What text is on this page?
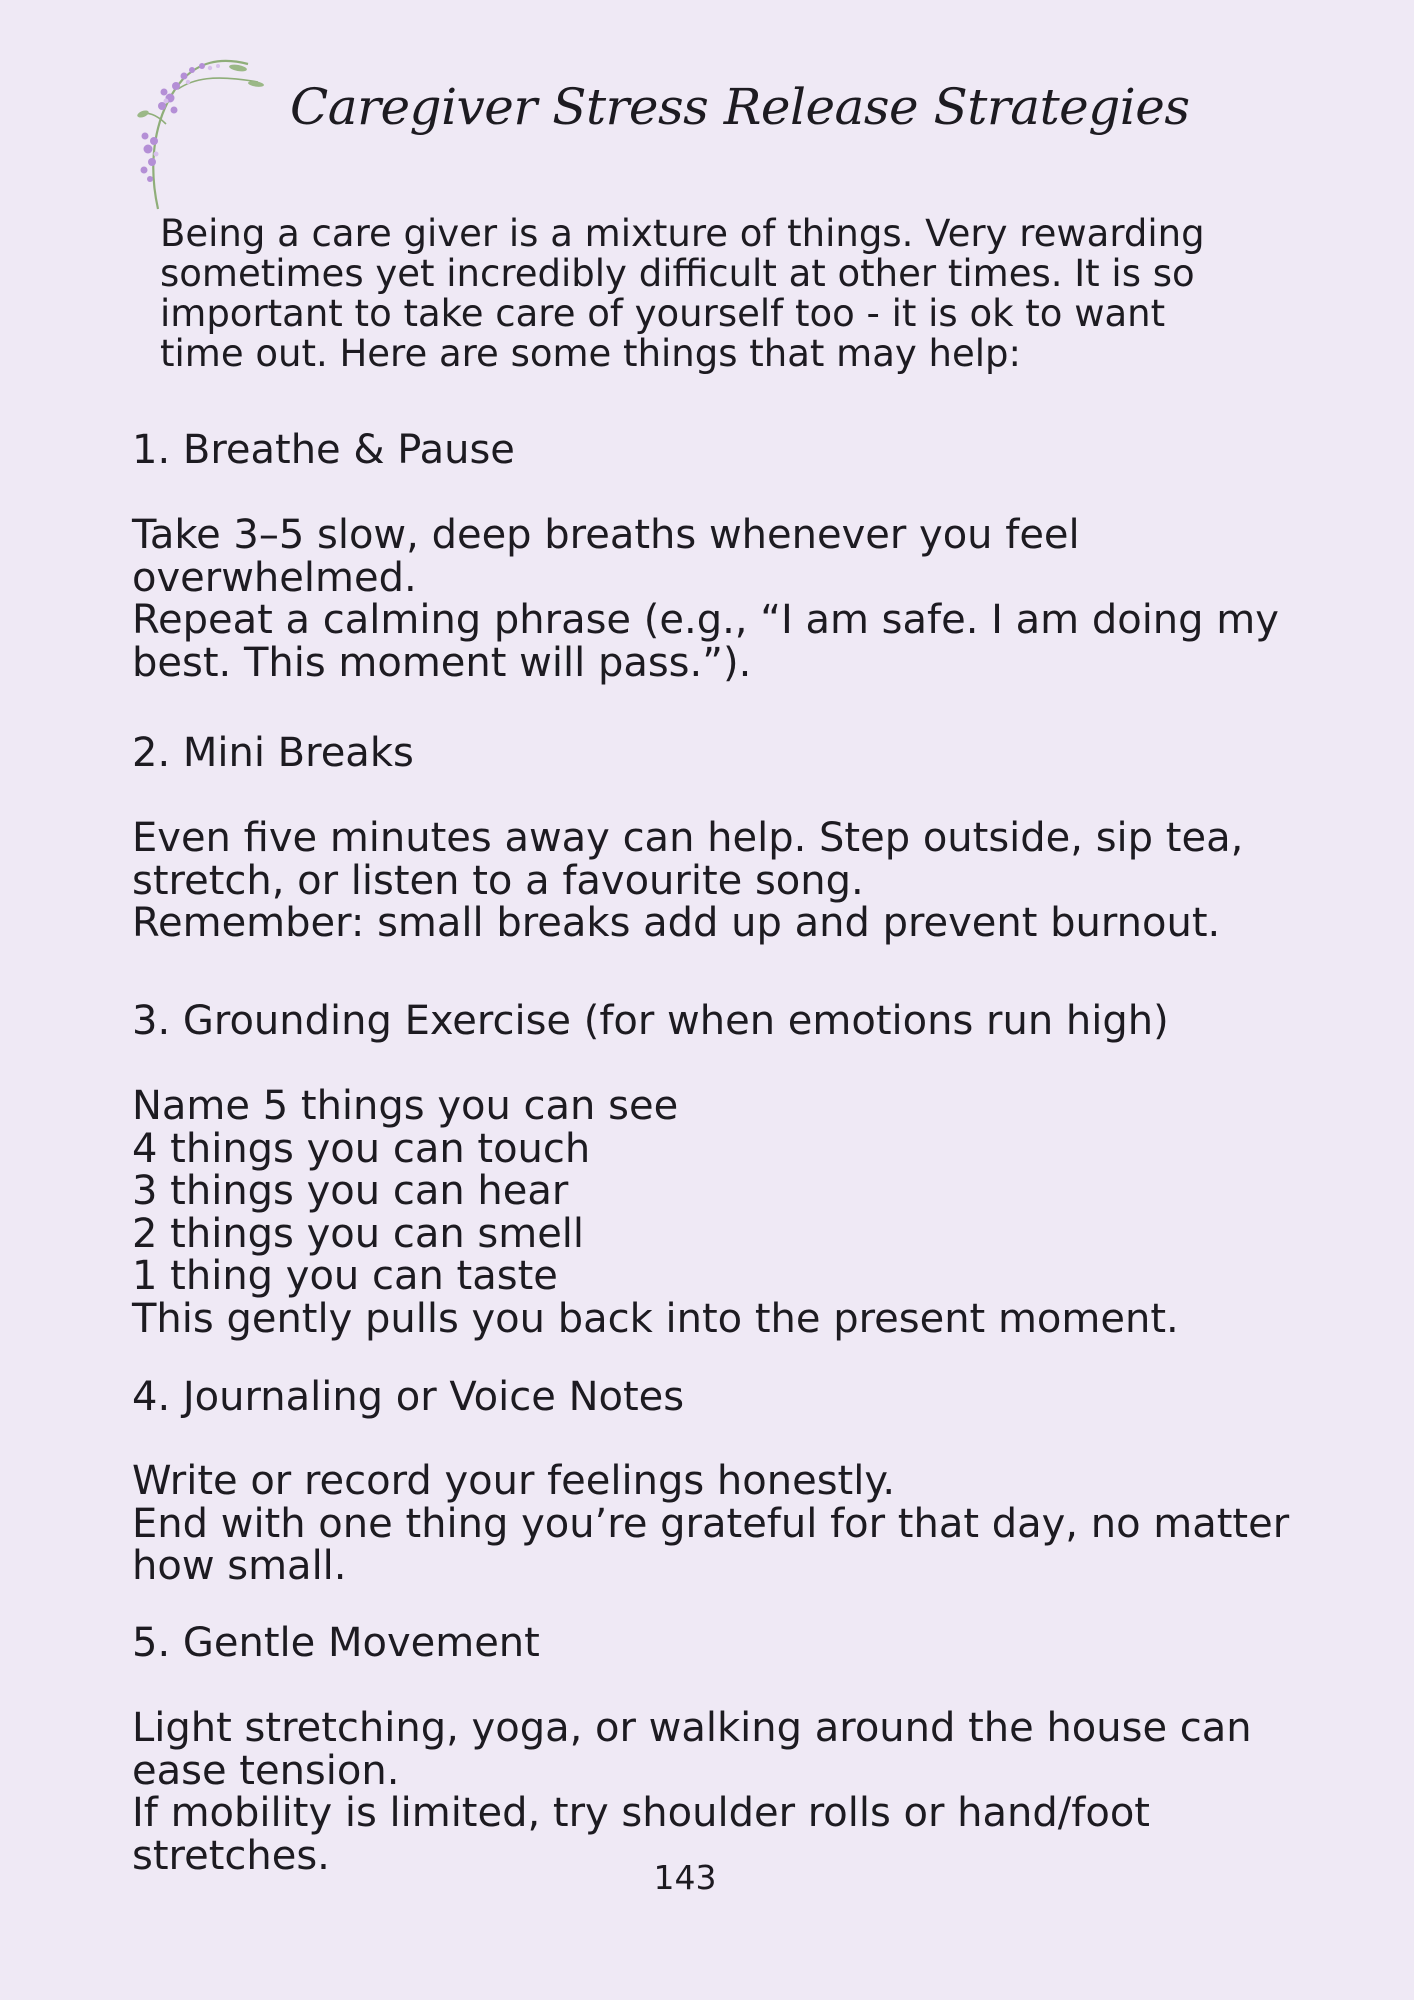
Caregiver Stress Release Strategies

Being a care giver is a mixture of things. Very rewarding
sometimes yet incredibly difficult at other times. It is so
important to take care of yourself too - it is ok to want
time out. Here are some things that may help:

1. Breathe & Pause

Take 3–5 slow, deep breaths whenever you feel
overwhelmed.
Repeat a calming phrase (e.g., “I am safe. I am doing my
best. This moment will pass.”).

2. Mini Breaks

Even five minutes away can help. Step outside, sip tea,
stretch, or listen to a favourite song.
Remember: small breaks add up and prevent burnout.

3. Grounding Exercise (for when emotions run high)

Name 5 things you can see
4 things you can touch
3 things you can hear
2 things you can smell
1 thing you can taste
This gently pulls you back into the present moment.

4. Journaling or Voice Notes

Write or record your feelings honestly.
End with one thing you’re grateful for that day, no matter
how small.

5. Gentle Movement

Light stretching, yoga, or walking around the house can
ease tension.
If mobility is limited, try shoulder rolls or hand/foot
stretches.	143
